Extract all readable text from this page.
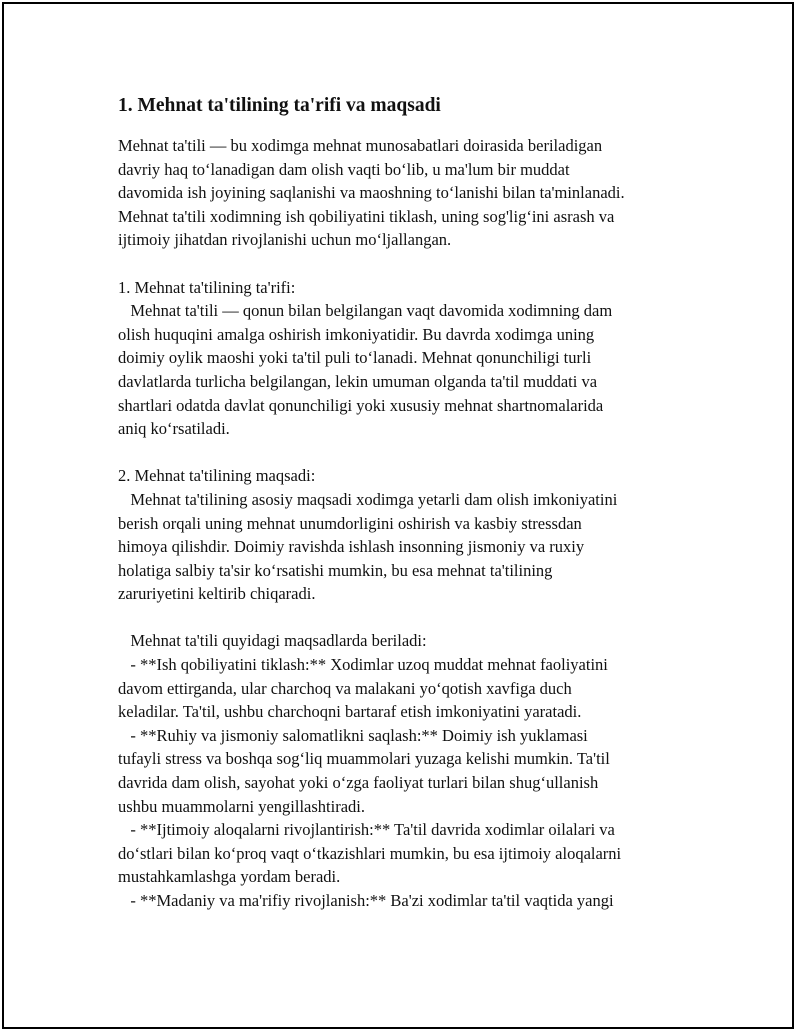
1. Mehnat ta'tilining ta'rifi va maqsadi
Mehnat ta'tili — bu xodimga mehnat munosabatlari doirasida beriladigan
davriy haq to‘lanadigan dam olish vaqti bo‘lib, u ma'lum bir muddat
davomida ish joyining saqlanishi va maoshning to‘lanishi bilan ta'minlanadi.
Mehnat ta'tili xodimning ish qobiliyatini tiklash, uning sog'lig‘ini asrash va
ijtimoiy jihatdan rivojlanishi uchun mo‘ljallangan.
1. Mehnat ta'tilining ta'rifi:
Mehnat ta'tili — qonun bilan belgilangan vaqt davomida xodimning dam
olish huquqini amalga oshirish imkoniyatidir. Bu davrda xodimga uning
doimiy oylik maoshi yoki ta'til puli to‘lanadi. Mehnat qonunchiligi turli
davlatlarda turlicha belgilangan, lekin umuman olganda ta'til muddati va
shartlari odatda davlat qonunchiligi yoki xususiy mehnat shartnomalarida
aniq ko‘rsatiladi.
2. Mehnat ta'tilining maqsadi:
Mehnat ta'tilining asosiy maqsadi xodimga yetarli dam olish imkoniyatini
berish orqali uning mehnat unumdorligini oshirish va kasbiy stressdan
himoya qilishdir. Doimiy ravishda ishlash insonning jismoniy va ruxiy
holatiga salbiy ta'sir ko‘rsatishi mumkin, bu esa mehnat ta'tilining
zaruriyetini keltirib chiqaradi.
Mehnat ta'tili quyidagi maqsadlarda beriladi:
- **Ish qobiliyatini tiklash:** Xodimlar uzoq muddat mehnat faoliyatini
davom ettirganda, ular charchoq va malakani yo‘qotish xavfiga duch
keladilar. Ta'til, ushbu charchoqni bartaraf etish imkoniyatini yaratadi.
- **Ruhiy va jismoniy salomatlikni saqlash:** Doimiy ish yuklamasi
tufayli stress va boshqa sog‘liq muammolari yuzaga kelishi mumkin. Ta'til
davrida dam olish, sayohat yoki o‘zga faoliyat turlari bilan shug‘ullanish
ushbu muammolarni yengillashtiradi.
- **Ijtimoiy aloqalarni rivojlantirish:** Ta'til davrida xodimlar oilalari va
do‘stlari bilan ko‘proq vaqt o‘tkazishlari mumkin, bu esa ijtimoiy aloqalarni
mustahkamlashga yordam beradi.
- **Madaniy va ma'rifiy rivojlanish:** Ba'zi xodimlar ta'til vaqtida yangi
